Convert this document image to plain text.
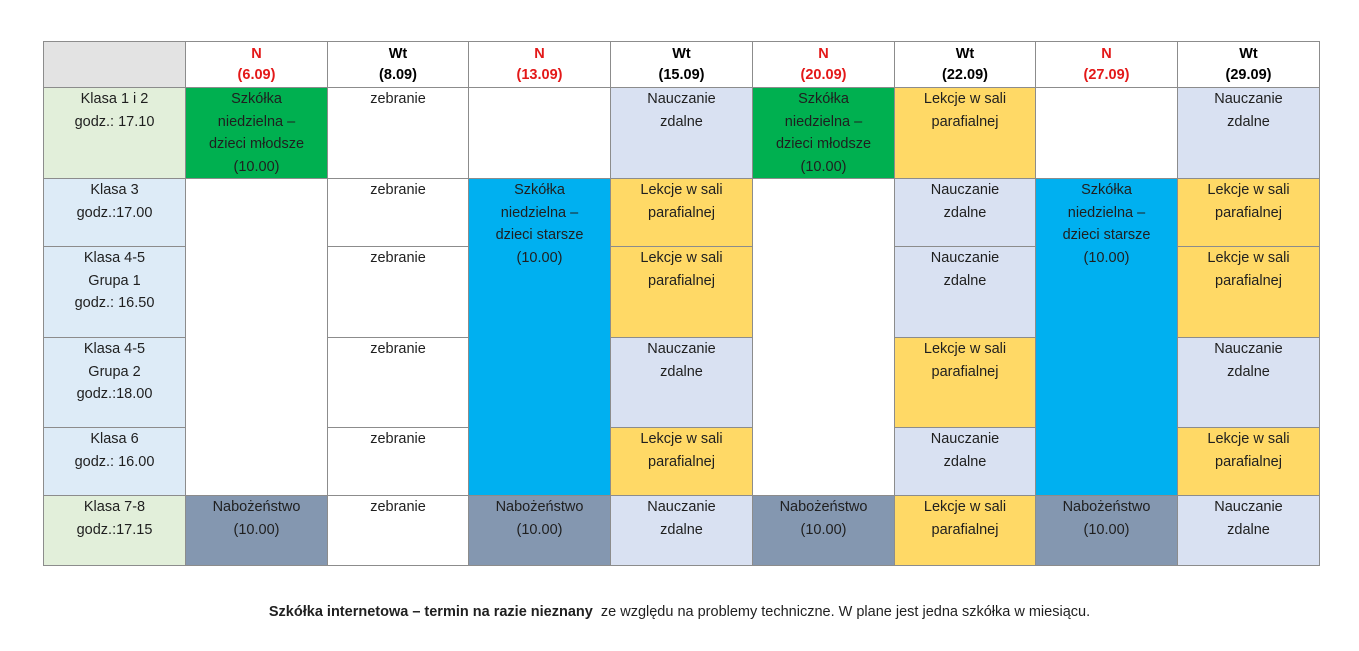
	N
(6.09)	Wt
(8.09)	N
(13.09)	Wt
(15.09)	N
(20.09)	Wt
(22.09)	N
(27.09)	Wt
(29.09)

Klasa 1 i 2
godz.: 17.10	Szkółka
niedzielna –
dzieci młodsze
(10.00)	zebranie		Nauczanie
zdalne	Szkółka
niedzielna –
dzieci młodsze
(10.00)	Lekcje w sali
parafialnej		Nauczanie
zdalne

Klasa 3
godz.:17.00		zebranie	Szkółka
niedzielna –
dzieci starsze
(10.00)	Lekcje w sali
parafialnej		Nauczanie
zdalne	Szkółka
niedzielna –
dzieci starsze
(10.00)	Lekcje w sali
parafialnej

Klasa 4-5
Grupa 1
godz.: 16.50		zebranie		Lekcje w sali
parafialnej		Nauczanie
zdalne		Lekcje w sali
parafialnej

Klasa 4-5
Grupa 2
godz.:18.00		zebranie		Nauczanie
zdalne		Lekcje w sali
parafialnej		Nauczanie
zdalne

Klasa 6
godz.: 16.00		zebranie		Lekcje w sali
parafialnej		Nauczanie
zdalne		Lekcje w sali
parafialnej

Klasa 7-8
godz.:17.15	Nabożeństwo
(10.00)	zebranie	Nabożeństwo
(10.00)	Nauczanie
zdalne	Nabożeństwo
(10.00)	Lekcje w sali
parafialnej	Nabożeństwo
(10.00)	Nauczanie
zdalne
Szkółka internetowa – termin na razie nieznany  ze względu na problemy techniczne. W plane jest jedna szkółka w miesiącu.
